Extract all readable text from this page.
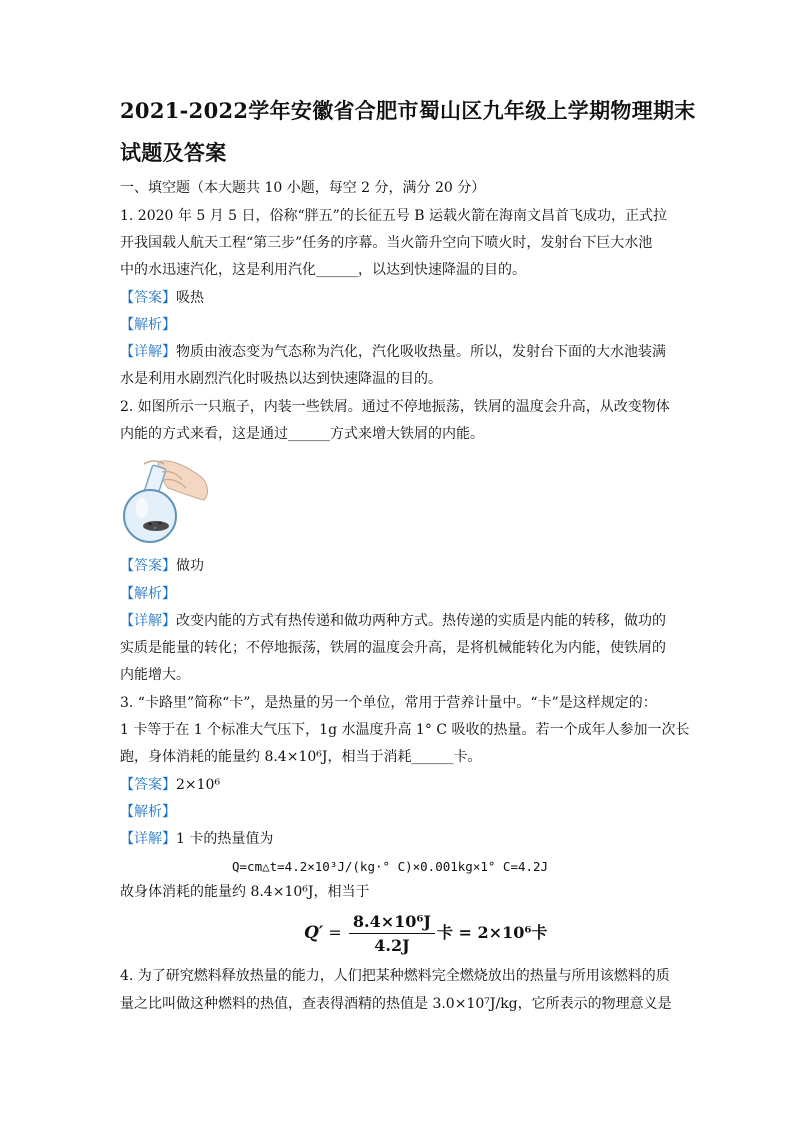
2021-2022学年安徽省合肥市蜀山区九年级上学期物理期末
试题及答案
一、填空题（本大题共 10 小题，每空 2 分，满分 20 分）
1. 2020 年 5 月 5 日，俗称“胖五”的长征五号 B 运载火箭在海南文昌首飞成功，正式拉
开我国载人航天工程“第三步”任务的序幕。当火箭升空向下喷火时，发射台下巨大水池
中的水迅速汽化，这是利用汽化______，以达到快速降温的目的。
【答案】吸热
【解析】
【详解】物质由液态变为气态称为汽化，汽化吸收热量。所以，发射台下面的大水池装满
水是利用水剧烈汽化时吸热以达到快速降温的目的。
2. 如图所示一只瓶子，内装一些铁屑。通过不停地振荡，铁屑的温度会升高，从改变物体
内能的方式来看，这是通过______方式来增大铁屑的内能。
【答案】做功
【解析】
【详解】改变内能的方式有热传递和做功两种方式。热传递的实质是内能的转移，做功的
实质是能量的转化；不停地振荡，铁屑的温度会升高，是将机械能转化为内能，使铁屑的
内能增大。
3. “卡路里”简称“卡”，是热量的另一个单位，常用于营养计量中。“卡”是这样规定的：
1 卡等于在 1 个标准大气压下，1g 水温度升高 1° C 吸收的热量。若一个成年人参加一次长
跑，身体消耗的能量约 8.4×10⁶J，相当于消耗______卡。
【答案】2×10⁶
【解析】
【详解】1 卡的热量值为
Q=cm△t=4.2×10³J/(kg·° C)×0.001kg×1° C=4.2J
故身体消耗的能量约 8.4×10⁶J，相当于
$Q' = \frac{\text{8.4×10⁶J}}{4.2J}$ 卡 = 2×10⁶卡
4. 为了研究燃料释放热量的能力，人们把某种燃料完全燃烧放出的热量与所用该燃料的质
量之比叫做这种燃料的热值，查表得酒精的热值是 3.0×10⁷J/kg，它所表示的物理意义是
